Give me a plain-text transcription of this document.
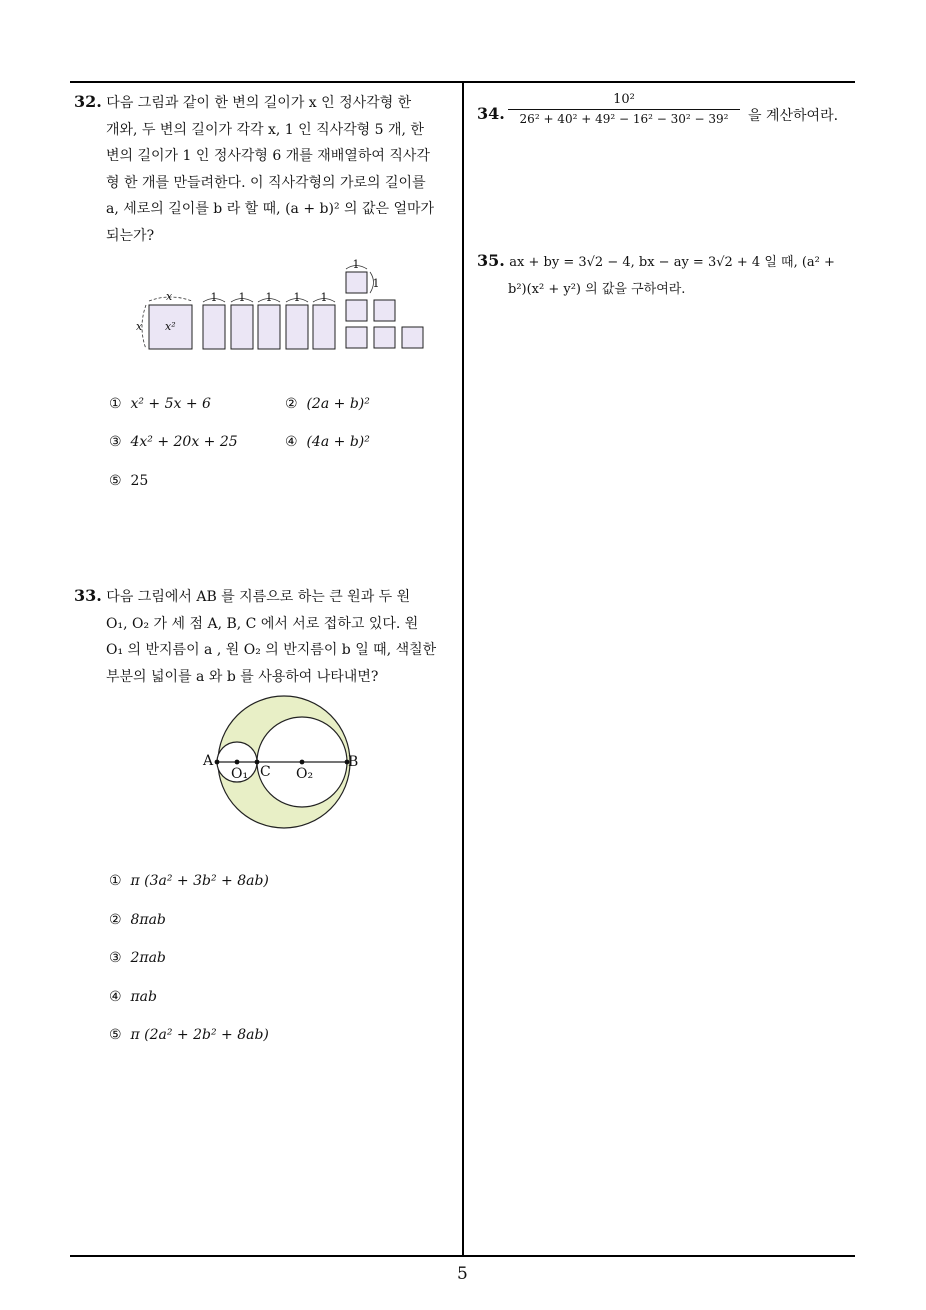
32. 다음 그림과 같이 한 변의 길이가 x 인 정사각형 한
개와, 두 변의 길이가 각각 x, 1 인 직사각형 5 개, 한
변의 길이가 1 인 정사각형 6 개를 재배열하여 직사각
형 한 개를 만들려한다. 이 직사각형의 가로의 길이를
a, 세로의 길이를 b 라 할 때, (a + b)² 의 값은 얼마가
되는가?
x
x x²
1 1 1 1 1
1
1
① x² + 5x + 6	② (2a + b)²
③ 4x² + 20x + 25	④ (4a + b)²
⑤ 25
33. 다음 그림에서 AB 를 지름으로 하는 큰 원과 두 원
O₁, O₂ 가 세 점 A, B, C 에서 서로 접하고 있다. 원
O₁ 의 반지름이 a , 원 O₂ 의 반지름이 b 일 때, 색칠한
부분의 넓이를 a 와 b 를 사용하여 나타내면?
A	B
C
O₁	O₂
① π (3a² + 3b² + 8ab)
② 8πab
③ 2πab
④ πab
⑤ π (2a² + 2b² + 8ab)
34.
10²
26² + 40² + 49² − 16² − 30² − 39²	을 계산하여라.
35. ax + by = 3√2 − 4, bx − ay = 3√2 + 4 일 때, (a² +
b²)(x² + y²) 의 값을 구하여라.
5
